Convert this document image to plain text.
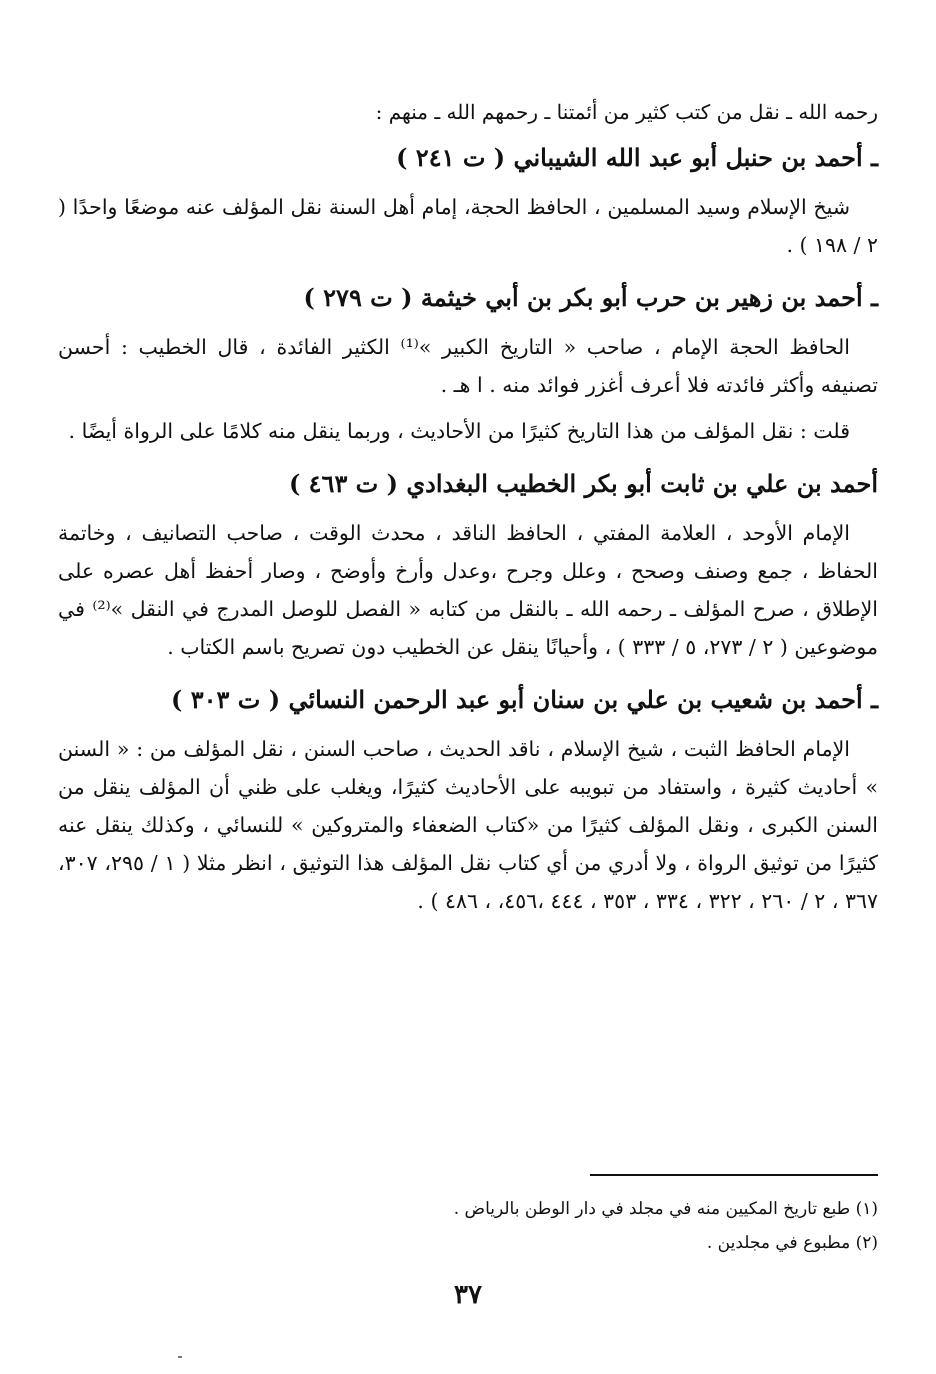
رحمه الله ـ نقل من كتب كثير من أئمتنا ـ رحمهم الله ـ منهم :

ـ أحمد بن حنبل أبو عبد الله الشيباني ( ت ٢٤١ )

شيخ الإسلام وسيد المسلمين ، الحافظ الحجة، إمام أهل السنة نقل المؤلف عنه موضعًا واحدًا ( ٢ / ١٩٨ ) .

ـ أحمد بن زهير بن حرب أبو بكر بن أبي خيثمة ( ت ٢٧٩ )

الحافظ الحجة الإمام ، صاحب « التاريخ الكبير »⁽¹⁾ الكثير الفائدة ، قال الخطيب : أحسن تصنيفه وأكثر فائدته فلا أعرف أغزر فوائد منه . ا هـ .

قلت : نقل المؤلف من هذا التاريخ كثيرًا من الأحاديث ، وربما ينقل منه كلامًا على الرواة أيضًا .

أحمد بن علي بن ثابت أبو بكر الخطيب البغدادي ( ت ٤٦٣ )

الإمام الأوحد ، العلامة المفتي ، الحافظ الناقد ، محدث الوقت ، صاحب التصانيف ، وخاتمة الحفاظ ، جمع وصنف وصحح ، وعلل وجرح ،وعدل وأرخ وأوضح ، وصار أحفظ أهل عصره على الإطلاق ، صرح المؤلف ـ رحمه الله ـ بالنقل من كتابه « الفصل للوصل المدرج في النقل »⁽²⁾ في موضوعين ( ٢ / ٢٧٣، ٥ / ٣٣٣ ) ، وأحيانًا ينقل عن الخطيب دون تصريح باسم الكتاب .

ـ أحمد بن شعيب بن علي بن سنان أبو عبد الرحمن النسائي ( ت ٣٠٣ )

الإمام الحافظ الثبت ، شيخ الإسلام ، ناقد الحديث ، صاحب السنن ، نقل المؤلف من : « السنن » أحاديث كثيرة ، واستفاد من تبويبه على الأحاديث كثيرًا، ويغلب على ظني أن المؤلف ينقل من السنن الكبرى ، ونقل المؤلف كثيرًا من «كتاب الضعفاء والمتروكين » للنسائي ، وكذلك ينقل عنه كثيرًا من توثيق الرواة ، ولا أدري من أي كتاب نقل المؤلف هذا التوثيق ، انظر مثلا ( ١ / ٢٩٥، ٣٠٧، ٣٦٧ ، ٢ / ٢٦٠ ، ٣٢٢ ، ٣٣٤ ، ٣٥٣ ، ٤٤٤ ،٤٥٦، ، ٤٨٦ ) .

(١) طبع تاريخ المكيين منه في مجلد في دار الوطن بالرياض .

(٢) مطبوع في مجلدين .

٣٧
